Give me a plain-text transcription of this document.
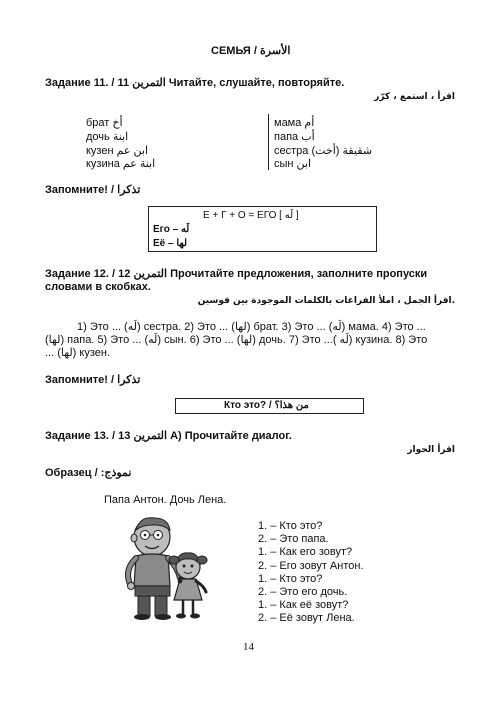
СЕМЬЯ / الأسرة
Задание 11. / 11 التمرين Читайте, слушайте, повторяйте.
اقرأ ، استمع ، كرّر
брат أخ
дочь ابنة
кузен ابن عم
кузина ابنة عم
мама أم
папа أب
сестра شقيقة (أخت)
сын ابن
Запомните! / تذكرا
Е + Г + О = ЕГО [ لَه ]
Его – لَه
Её – لها
Задание 12. / 12 التمرين Прочитайте предложения, заполните пропуски
словами в скобках.
اقرأ الجمل ، املأ الفراغات بالكلمات الموجودة بين قوسين.
1) Это ... (لَه) сестра. 2) Это ... (لها) брат. 3) Это ... (لَه) мама. 4) Это ...
(لها) папа. 5) Это ... (لَه) сын. 6) Это ... (لها) дочь. 7) Это ...( لَه) кузина. 8) Это
... (لها) кузен.
Запомните! / تذكرا
Кто это? / من هذا؟
Задание 13. / 13 التمرين А) Прочитайте диалог.
اقرأ الحوار
Образец / :نموذج
Папа Антон. Дочь Лена.
1. – Кто это?
2. – Это папа.
1. – Как его зовут?
2. – Его зовут Антон.
1. – Кто это?
2. – Это его дочь.
1. – Как её зовут?
2. – Её зовут Лена.
14
